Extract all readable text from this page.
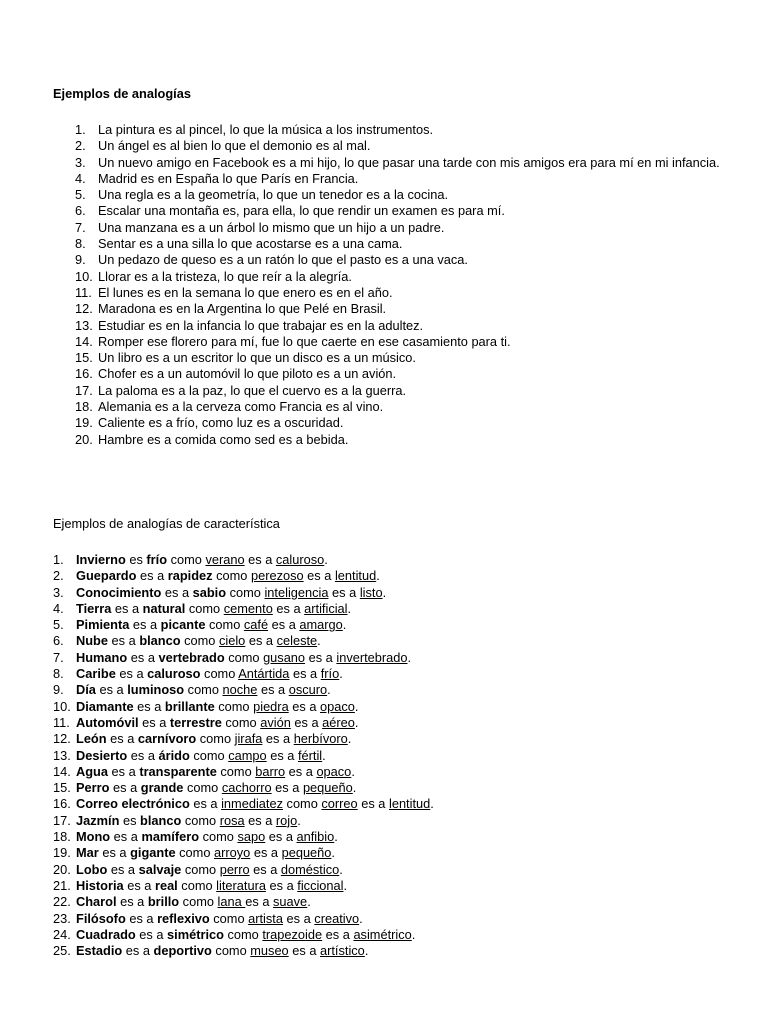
Ejemplos de analogías
1. La pintura es al pincel, lo que la música a los instrumentos.
2. Un ángel es al bien lo que el demonio es al mal.
3. Un nuevo amigo en Facebook es a mi hijo, lo que pasar una tarde con mis amigos era para mí en mi infancia.
4. Madrid es en España lo que París en Francia.
5. Una regla es a la geometría, lo que un tenedor es a la cocina.
6. Escalar una montaña es, para ella, lo que rendir un examen es para mí.
7. Una manzana es a un árbol lo mismo que un hijo a un padre.
8. Sentar es a una silla lo que acostarse es a una cama.
9. Un pedazo de queso es a un ratón lo que el pasto es a una vaca.
10. Llorar es a la tristeza, lo que reír a la alegría.
11. El lunes es en la semana lo que enero es en el año.
12. Maradona es en la Argentina lo que Pelé en Brasil.
13. Estudiar es en la infancia lo que trabajar es en la adultez.
14. Romper ese florero para mí, fue lo que caerte en ese casamiento para ti.
15. Un libro es a un escritor lo que un disco es a un músico.
16. Chofer es a un automóvil lo que piloto es a un avión.
17. La paloma es a la paz, lo que el cuervo es a la guerra.
18. Alemania es a la cerveza como Francia es al vino.
19. Caliente es a frío, como luz es a oscuridad.
20. Hambre es a comida como sed es a bebida.
Ejemplos de analogías de característica
1. Invierno es frío como verano es a caluroso.
2. Guepardo es a rapidez como perezoso es a lentitud.
3. Conocimiento es a sabio como inteligencia es a listo.
4. Tierra es a natural como cemento es a artificial.
5. Pimienta es a picante como café es a amargo.
6. Nube es a blanco como cielo es a celeste.
7. Humano es a vertebrado como gusano es a invertebrado.
8. Caribe es a caluroso como Antártida es a frío.
9. Día es a luminoso como noche es a oscuro.
10. Diamante es a brillante como piedra es a opaco.
11. Automóvil es a terrestre como avión es a aéreo.
12. León es a carnívoro como jirafa es a herbívoro.
13. Desierto es a árido como campo es a fértil.
14. Agua es a transparente como barro es a opaco.
15. Perro es a grande como cachorro es a pequeño.
16. Correo electrónico es a inmediatez como correo es a lentitud.
17. Jazmín es blanco como rosa es a rojo.
18. Mono es a mamífero como sapo es a anfibio.
19. Mar es a gigante como arroyo es a pequeño.
20. Lobo es a salvaje como perro es a doméstico.
21. Historia es a real como literatura es a ficcional.
22. Charol es a brillo como lana es a suave.
23. Filósofo es a reflexivo como artista es a creativo.
24. Cuadrado es a simétrico como trapezoide es a asimétrico.
25. Estadio es a deportivo como museo es a artístico.
